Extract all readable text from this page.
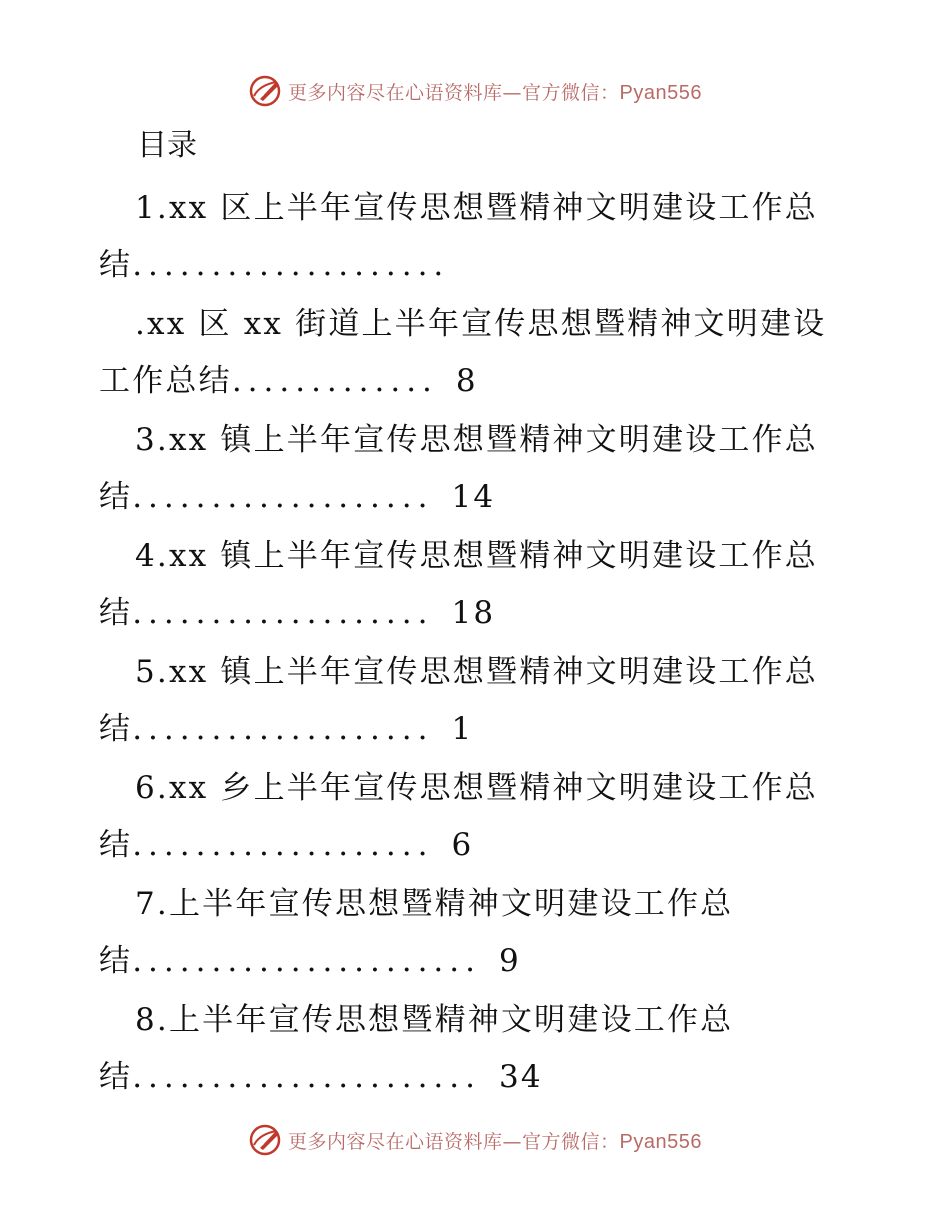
更多内容尽在心语资料库—官方微信：Pyan556
目录
1.xx 区上半年宣传思想暨精神文明建设工作总
结....................
.xx 区 xx 街道上半年宣传思想暨精神文明建设
工作总结............. 8
3.xx 镇上半年宣传思想暨精神文明建设工作总
结................... 14
4.xx 镇上半年宣传思想暨精神文明建设工作总
结................... 18
5.xx 镇上半年宣传思想暨精神文明建设工作总
结................... 1
6.xx 乡上半年宣传思想暨精神文明建设工作总
结................... 6
7.上半年宣传思想暨精神文明建设工作总
结...................... 9
8.上半年宣传思想暨精神文明建设工作总
结...................... 34
更多内容尽在心语资料库—官方微信：Pyan556
